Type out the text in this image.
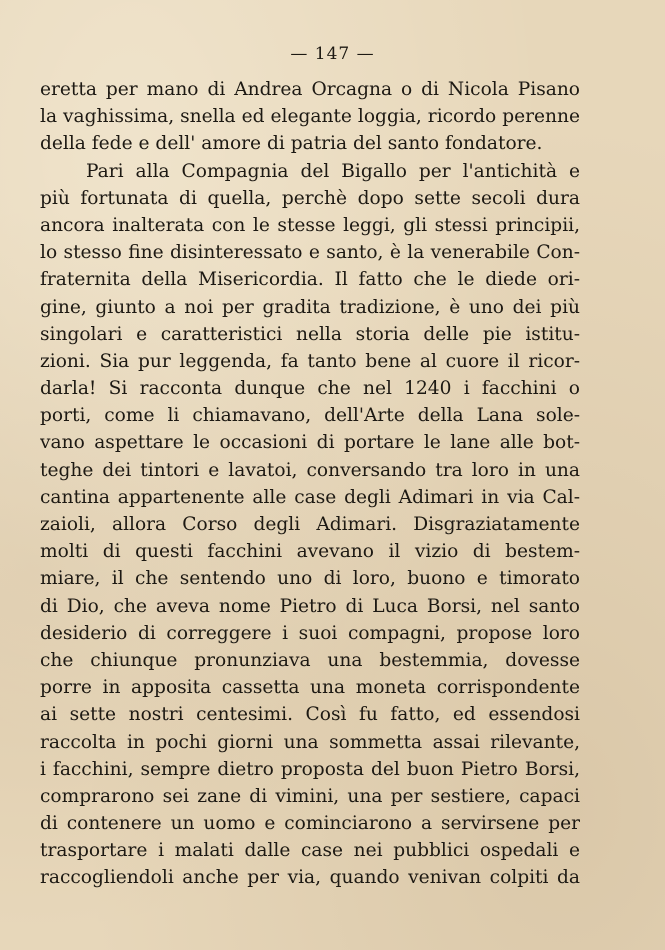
— 147 —
eretta per mano di Andrea Orcagna o di Nicola Pisano
la vaghissima, snella ed elegante loggia, ricordo perenne
della fede e dell' amore di patria del santo fondatore.
Pari alla Compagnia del Bigallo per l'antichità e
più fortunata di quella, perchè dopo sette secoli dura
ancora inalterata con le stesse leggi, gli stessi principii,
lo stesso fine disinteressato e santo, è la venerabile Con-
fraternita della Misericordia. Il fatto che le diede ori-
gine, giunto a noi per gradita tradizione, è uno dei più
singolari e caratteristici nella storia delle pie istitu-
zioni. Sia pur leggenda, fa tanto bene al cuore il ricor-
darla! Si racconta dunque che nel 1240 i facchini o
porti, come li chiamavano, dell'Arte della Lana sole-
vano aspettare le occasioni di portare le lane alle bot-
teghe dei tintori e lavatoi, conversando tra loro in una
cantina appartenente alle case degli Adimari in via Cal-
zaioli, allora Corso degli Adimari. Disgraziatamente
molti di questi facchini avevano il vizio di bestem-
miare, il che sentendo uno di loro, buono e timorato
di Dio, che aveva nome Pietro di Luca Borsi, nel santo
desiderio di correggere i suoi compagni, propose loro
che chiunque pronunziava una bestemmia, dovesse
porre in apposita cassetta una moneta corrispondente
ai sette nostri centesimi. Così fu fatto, ed essendosi
raccolta in pochi giorni una sommetta assai rilevante,
i facchini, sempre dietro proposta del buon Pietro Borsi,
comprarono sei zane di vimini, una per sestiere, capaci
di contenere un uomo e cominciarono a servirsene per
trasportare i malati dalle case nei pubblici ospedali e
raccogliendoli anche per via, quando venivan colpiti da
